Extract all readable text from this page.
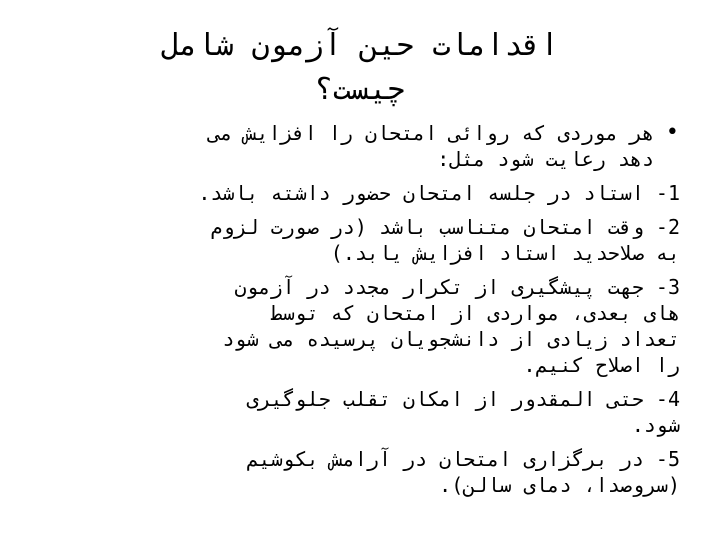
اقدامات حین آزمون شامل
چیست؟
•
هر موردی که روائی امتحان را افزایش می
دهد رعایت شود مثل:
1- استاد در جلسه امتحان حضور داشته باشد.
2- وقت امتحان متناسب باشد (در صورت لزوم
به صلاحدید استاد افزایش یابد.)
3- جهت پیشگیری از تکرار مجدد در آزمون
های بعدی، مواردی از امتحان که توسط
تعداد زیادی از دانشجویان پرسیده می شود
را اصلاح کنیم.
4- حتی المقدور از امکان تقلب جلوگیری
شود.
5- در برگزاری امتحان در آرامش بکوشیم
(سروصدا، دمای سالن).
